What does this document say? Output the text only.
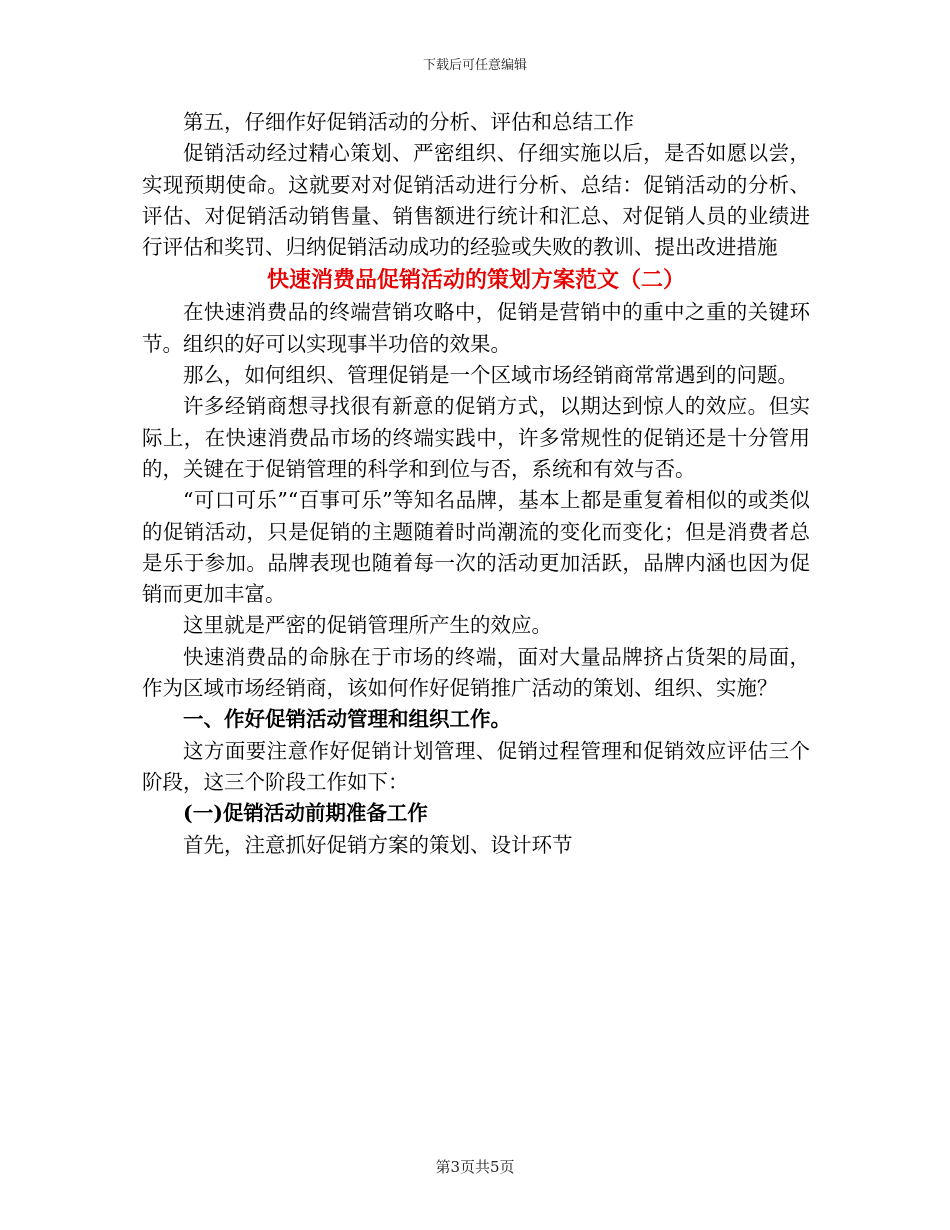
下载后可任意编辑

第五，仔细作好促销活动的分析、评估和总结工作

促销活动经过精心策划、严密组织、仔细实施以后，是否如愿以尝，实现预期使命。这就要对对促销活动进行分析、总结：促销活动的分析、评估、对促销活动销售量、销售额进行统计和汇总、对促销人员的业绩进行评估和奖罚、归纳促销活动成功的经验或失败的教训、提出改进措施

快速消费品促销活动的策划方案范文（二）

在快速消费品的终端营销攻略中，促销是营销中的重中之重的关键环节。组织的好可以实现事半功倍的效果。

那么，如何组织、管理促销是一个区域市场经销商常常遇到的问题。

许多经销商想寻找很有新意的促销方式，以期达到惊人的效应。但实际上，在快速消费品市场的终端实践中，许多常规性的促销还是十分管用的，关键在于促销管理的科学和到位与否，系统和有效与否。

“可口可乐”“百事可乐”等知名品牌，基本上都是重复着相似的或类似的促销活动，只是促销的主题随着时尚潮流的变化而变化；但是消费者总是乐于参加。品牌表现也随着每一次的活动更加活跃，品牌内涵也因为促销而更加丰富。

这里就是严密的促销管理所产生的效应。

快速消费品的命脉在于市场的终端，面对大量品牌挤占货架的局面，作为区域市场经销商，该如何作好促销推广活动的策划、组织、实施？

一、作好促销活动管理和组织工作。

这方面要注意作好促销计划管理、促销过程管理和促销效应评估三个阶段，这三个阶段工作如下：

(一)促销活动前期准备工作

首先，注意抓好促销方案的策划、设计环节

第3页共5页
